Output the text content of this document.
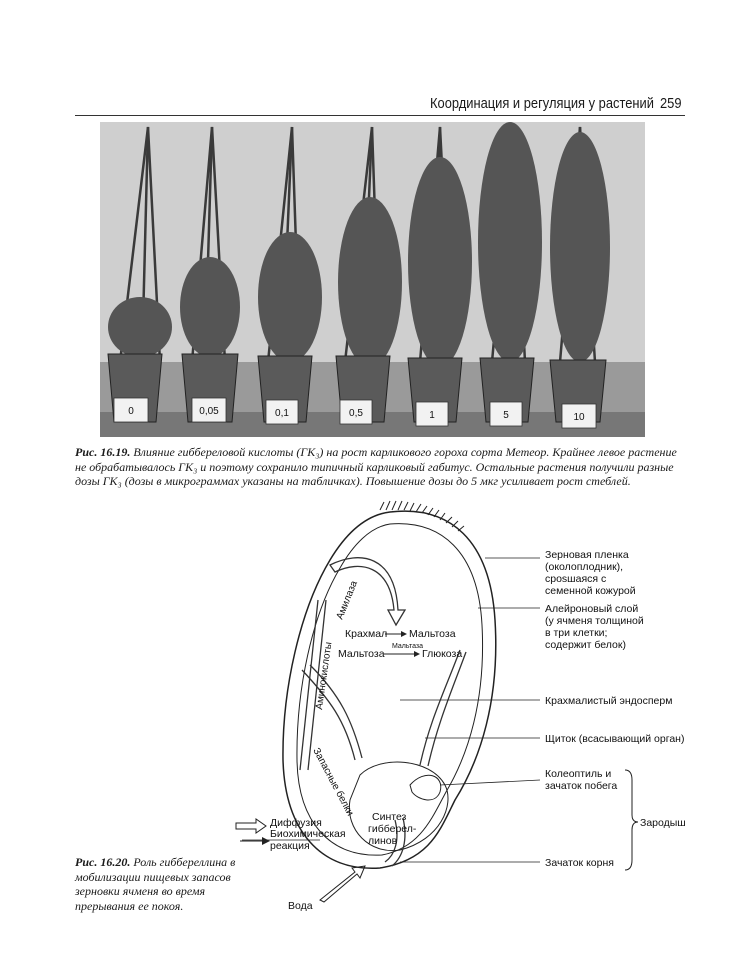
Координация и регуляция у растений 259
0	0,05	0,1	0,5	1	5	10
Рис. 16.19. Влияние гиббереловой кислоты (ГК₃) на рост карликового гороха сорта Метеор. Крайнее левое растение не обрабатывалось ГК₃ и поэтому сохранило типичный карликовый габитус. Остальные растения получили разные дозы ГК₃ (дозы в микрограммах указаны на табличках). Повышение дозы до 5 мкг усиливает рост стеблей.
Зерновая пленка
(околоплодник),
срosшаяся с
семенной кожурой
Алейроновый слой
(у ячменя толщиной
в три клетки;
содержит белок)
Крахмалистый эндосперм
Щиток (всасывающий орган)
Колеоптиль и
зачаток побега
Зародыш
Зачаток корня
Крахмал Мальтоза
Мальтоза	Глюкоза
Диффузия
Биохимическая
реакция
Вода
Синтез
гибберел-
линов
Мальтаза
Амилаза
Аминокислоты
Запасные белки
Рис. 16.20. Роль гиббереллина в мобилизации пищевых запасов зерновки ячменя во время прерывания ее покоя.
